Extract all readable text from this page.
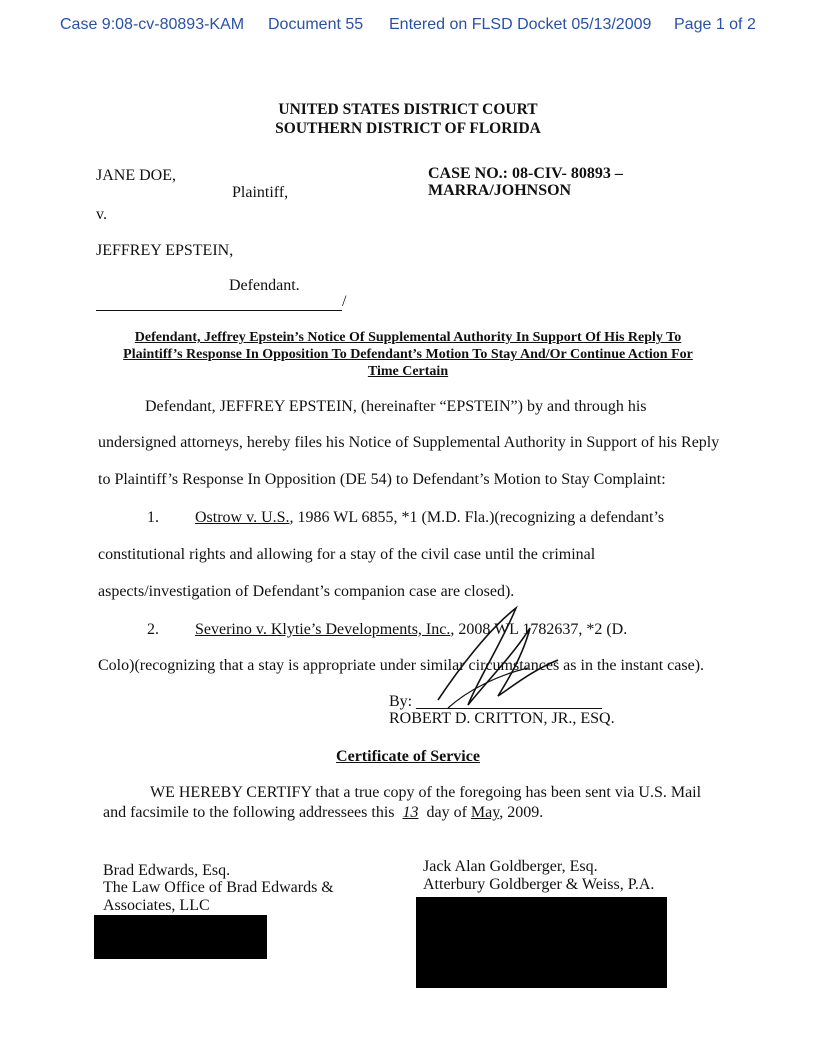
Case 9:08-cv-80893-KAM Document 55 Entered on FLSD Docket 05/13/2009 Page 1 of 2
UNITED STATES DISTRICT COURT
SOUTHERN DISTRICT OF FLORIDA
JANE DOE,
Plaintiff,
v.
JEFFREY EPSTEIN,
Defendant.
/
CASE NO.: 08-CIV- 80893 –
MARRA/JOHNSON
Defendant, Jeffrey Epstein’s Notice Of Supplemental Authority In Support Of His Reply To
Plaintiff’s Response In Opposition To Defendant’s Motion To Stay And/Or Continue Action For
Time Certain
Defendant, JEFFREY EPSTEIN, (hereinafter “EPSTEIN”) by and through his
undersigned attorneys, hereby files his Notice of Supplemental Authority in Support of his Reply
to Plaintiff’s Response In Opposition (DE 54) to Defendant’s Motion to Stay Complaint:
1. Ostrow v. U.S., 1986 WL 6855, *1 (M.D. Fla.)(recognizing a defendant’s
constitutional rights and allowing for a stay of the civil case until the criminal
aspects/investigation of Defendant’s companion case are closed).
2. Severino v. Klytie’s Developments, Inc., 2008 WL 1782637, *2 (D.
Colo)(recognizing that a stay is appropriate under similar circumstances as in the instant case).
By:
ROBERT D. CRITTON, JR., ESQ.
Certificate of Service
WE HEREBY CERTIFY that a true copy of the foregoing has been sent via U.S. Mail
and facsimile to the following addressees this 13 day of May, 2009.
Brad Edwards, Esq.
The Law Office of Brad Edwards &
Associates, LLC
Jack Alan Goldberger, Esq.
Atterbury Goldberger & Weiss, P.A.
